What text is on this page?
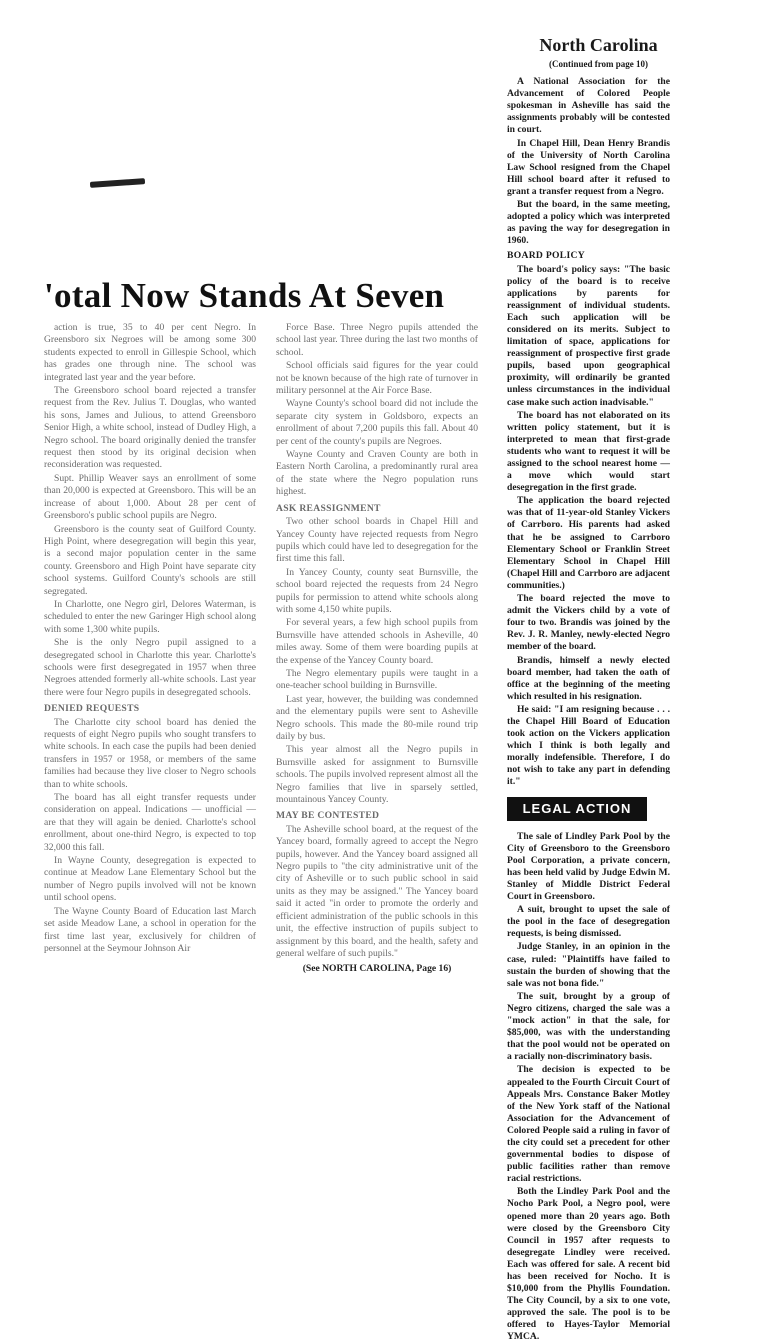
'otal Now Stands At Seven

action is true, 35 to 40 per cent Negro. In Greensboro six Negroes will be among some 300 students expected to enroll in Gillespie School, which has grades one through nine. The school was integrated last year and the year before.

The Greensboro school board rejected a transfer request from the Rev. Julius T. Douglas, who wanted his sons, James and Julious, to attend Greensboro Senior High, a white school, instead of Dudley High, a Negro school. The board originally denied the transfer request then stood by its original decision when reconsideration was requested.

Supt. Phillip Weaver says an enrollment of some than 20,000 is expected at Greensboro. This will be an increase of about 1,000. About 28 per cent of Greensboro's public school pupils are Negro.

Greensboro is the county seat of Guilford County. High Point, where desegregation will begin this year, is a second major population center in the same county. Greensboro and High Point have separate city school systems. Guilford County's schools are still segregated.

In Charlotte, one Negro girl, Delores Waterman, is scheduled to enter the new Garinger High school along with some 1,300 white pupils.

She is the only Negro pupil assigned to a desegregated school in Charlotte this year. Charlotte's schools were first desegregated in 1957 when three Negroes attended formerly all-white schools. Last year there were four Negro pupils in desegregated schools.

DENIED REQUESTS

The Charlotte city school board has denied the requests of eight Negro pupils who sought transfers to white schools. In each case the pupils had been denied transfers in 1957 or 1958, or members of the same families had because they live closer to Negro schools than to white schools.

The board has all eight transfer requests under consideration on appeal. Indications — unofficial — are that they will again be denied. Charlotte's school enrollment, about one-third Negro, is expected to top 32,000 this fall.

In Wayne County, desegregation is expected to continue at Meadow Lane Elementary School but the number of Negro pupils involved will not be known until school opens.

The Wayne County Board of Education last March set aside Meadow Lane, a school in operation for the first time last year, exclusively for children of personnel at the Seymour Johnson Air

Force Base. Three Negro pupils attended the school last year. Three during the last two months of school.

School officials said figures for the year could not be known because of the high rate of turnover in military personnel at the Air Force Base.

Wayne County's school board did not include the separate city system in Goldsboro, expects an enrollment of about 7,200 pupils this fall. About 40 per cent of the county's pupils are Negroes.

Wayne County and Craven County are both in Eastern North Carolina, a predominantly rural area of the state where the Negro population runs highest.

ASK REASSIGNMENT

Two other school boards in Chapel Hill and Yancey County have rejected requests from Negro pupils which could have led to desegregation for the first time this fall.

In Yancey County, county seat Burnsville, the school board rejected the requests from 24 Negro pupils for permission to attend white schools along with some 4,150 white pupils.

For several years, a few high school pupils from Burnsville have attended schools in Asheville, 40 miles away. Some of them were boarding pupils at the expense of the Yancey County board.

The Negro elementary pupils were taught in a one-teacher school building in Burnsville.

Last year, however, the building was condemned and the elementary pupils were sent to Asheville Negro schools. This made the 80-mile round trip daily by bus.

This year almost all the Negro pupils in Burnsville asked for assignment to Burnsville schools. The pupils involved represent almost all the Negro families that live in sparsely settled, mountainous Yancey County.

MAY BE CONTESTED

The Asheville school board, at the request of the Yancey board, formally agreed to accept the Negro pupils, however. And the Yancey board assigned all Negro pupils to "the city administrative unit of the city of Asheville or to such public school in said units as they may be assigned." The Yancey board said it acted "in order to promote the orderly and efficient administration of the public schools in this unit, the effective instruction of pupils subject to assignment by this board, and the health, safety and general welfare of such pupils."

(See NORTH CAROLINA, Page 16)

North Carolina
(Continued from page 10)

A National Association for the Advancement of Colored People spokesman in Asheville has said the assignments probably will be contested in court.

In Chapel Hill, Dean Henry Brandis of the University of North Carolina Law School resigned from the Chapel Hill school board after it refused to grant a transfer request from a Negro.

But the board, in the same meeting, adopted a policy which was interpreted as paving the way for desegregation in 1960.

BOARD POLICY

The board's policy says: "The basic policy of the board is to receive applications by parents for reassignment of individual students. Each such application will be considered on its merits. Subject to limitation of space, applications for reassignment of prospective first grade pupils, based upon geographical proximity, will ordinarily be granted unless circumstances in the individual case make such action inadvisable."

The board has not elaborated on its written policy statement, but it is interpreted to mean that first-grade students who want to request it will be assigned to the school nearest home — a move which would start desegregation in the first grade.

The application the board rejected was that of 11-year-old Stanley Vickers of Carrboro. His parents had asked that he be assigned to Carrboro Elementary School or Franklin Street Elementary School in Chapel Hill (Chapel Hill and Carrboro are adjacent communities.)

The board rejected the move to admit the Vickers child by a vote of four to two. Brandis was joined by the Rev. J. R. Manley, newly-elected Negro member of the board.

Brandis, himself a newly elected board member, had taken the oath of office at the beginning of the meeting which resulted in his resignation.

He said: "I am resigning because . . . the Chapel Hill Board of Education took action on the Vickers application which I think is both legally and morally indefensible. Therefore, I do not wish to take any part in defending it."

LEGAL ACTION

The sale of Lindley Park Pool by the City of Greensboro to the Greensboro Pool Corporation, a private concern, has been held valid by Judge Edwin M. Stanley of Middle District Federal Court in Greensboro.

A suit, brought to upset the sale of the pool in the face of desegregation requests, is being dismissed.

Judge Stanley, in an opinion in the case, ruled: "Plaintiffs have failed to sustain the burden of showing that the sale was not bona fide."

The suit, brought by a group of Negro citizens, charged the sale was a "mock action" in that the sale, for $85,000, was with the understanding that the pool would not be operated on a racially non-discriminatory basis.

The decision is expected to be appealed to the Fourth Circuit Court of Appeals Mrs. Constance Baker Motley of the New York staff of the National Association for the Advancement of Colored People said a ruling in favor of the city could set a precedent for other governmental bodies to dispose of public facilities rather than remove racial restrictions.

Both the Lindley Park Pool and the Nocho Park Pool, a Negro pool, were opened more than 20 years ago. Both were closed by the Greensboro City Council in 1957 after requests to desegregate Lindley were received. Each was offered for sale. A recent bid has been received for Nocho. It is $10,000 from the Phyllis Foundation. The City Council, by a six to one vote, approved the sale. The pool is to be offered to Hayes-Taylor Memorial YMCA.
